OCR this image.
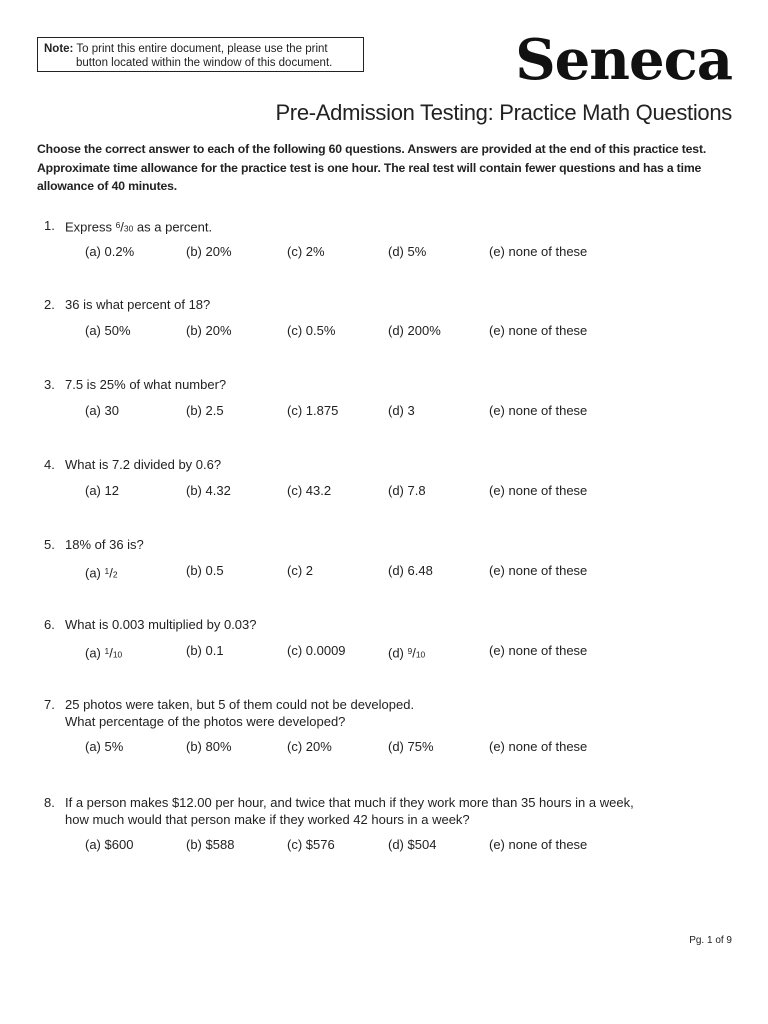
Note: To print this entire document, please use the print
button located within the window of this document.	Seneca
Pre-Admission Testing: Practice Math Questions
Choose the correct answer to each of the following 60 questions. Answers are provided at the end of this practice test. Approximate time allowance for the practice test is one hour. The real test will contain fewer questions and has a time allowance of 40 minutes.
1. Express $^6$/30 as a percent.
(a) 0.2%	(b) 20%	(c) 2%	(d) 5%	(e) none of these
2. 36 is what percent of 18?
(a) 50%	(b) 20%	(c) 0.5%	(d) 200%	(e) none of these
3. 7.5 is 25% of what number?
(a) 30	(b) 2.5	(c) 1.875	(d) 3	(e) none of these
4. What is 7.2 divided by 0.6?
(a) 12	(b) 4.32	(c) 43.2	(d) 7.8	(e) none of these
5. 18% of 36 is?
(a) $^1$/2	(b) 0.5	(c) 2	(d) 6.48	(e) none of these
6. What is 0.003 multiplied by 0.03?
(a) $^1$/10	(b) 0.1	(c) 0.0009	(d) $^9$/10	(e) none of these
7. 25 photos were taken, but 5 of them could not be developed.
What percentage of the photos were developed?
(a) 5%	(b) 80%	(c) 20%	(d) 75%	(e) none of these
8. If a person makes $12.00 per hour, and twice that much if they work more than 35 hours in a week,
how much would that person make if they worked 42 hours in a week?
(a) $600	(b) $588	(c) $576	(d) $504	(e) none of these
Pg. 1 of 9
